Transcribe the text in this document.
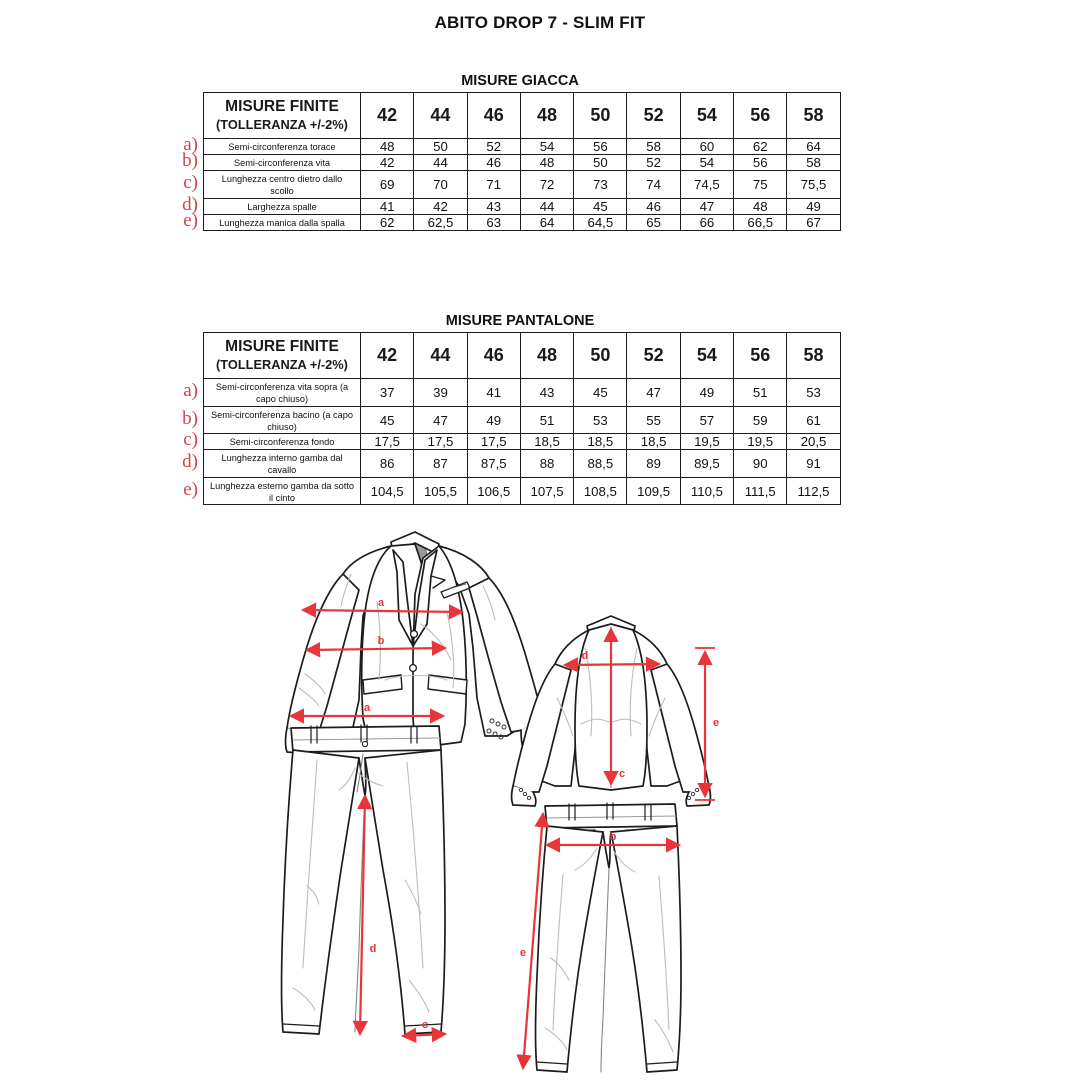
ABITO DROP 7 - SLIM FIT
MISURE GIACCA
a)
b)
c)
d)
e)
MISURE FINITE
(TOLLERANZA +/-2%)	42	44	46	48	50	52	54	56	58
Semi-circonferenza torace	48	50	52	54	56	58	60	62	64
Semi-circonferenza vita	42	44	46	48	50	52	54	56	58
Lunghezza centro dietro dallo scollo	69	70	71	72	73	74	74,5	75	75,5
Larghezza spalle	41	42	43	44	45	46	47	48	49
Lunghezza manica dalla spalla	62	62,5	63	64	64,5	65	66	66,5	67
MISURE PANTALONE
a)
b)
c)
d)
e)
MISURE FINITE
(TOLLERANZA +/-2%)	42	44	46	48	50	52	54	56	58
Semi-circonferenza vita sopra (a capo chiuso)	37	39	41	43	45	47	49	51	53
Semi-circonferenza bacino (a capo chiuso)	45	47	49	51	53	55	57	59	61
Semi-circonferenza fondo	17,5	17,5	17,5	18,5	18,5	18,5	19,5	19,5	20,5
Lunghezza interno gamba dal cavallo	86	87	87,5	88	88,5	89	89,5	90	91
Lunghezza esterno gamba da sotto il cinto	104,5	105,5	106,5	107,5	108,5	109,5	110,5	111,5	112,5
a
b
c
d
e
a
d
c
b
e
